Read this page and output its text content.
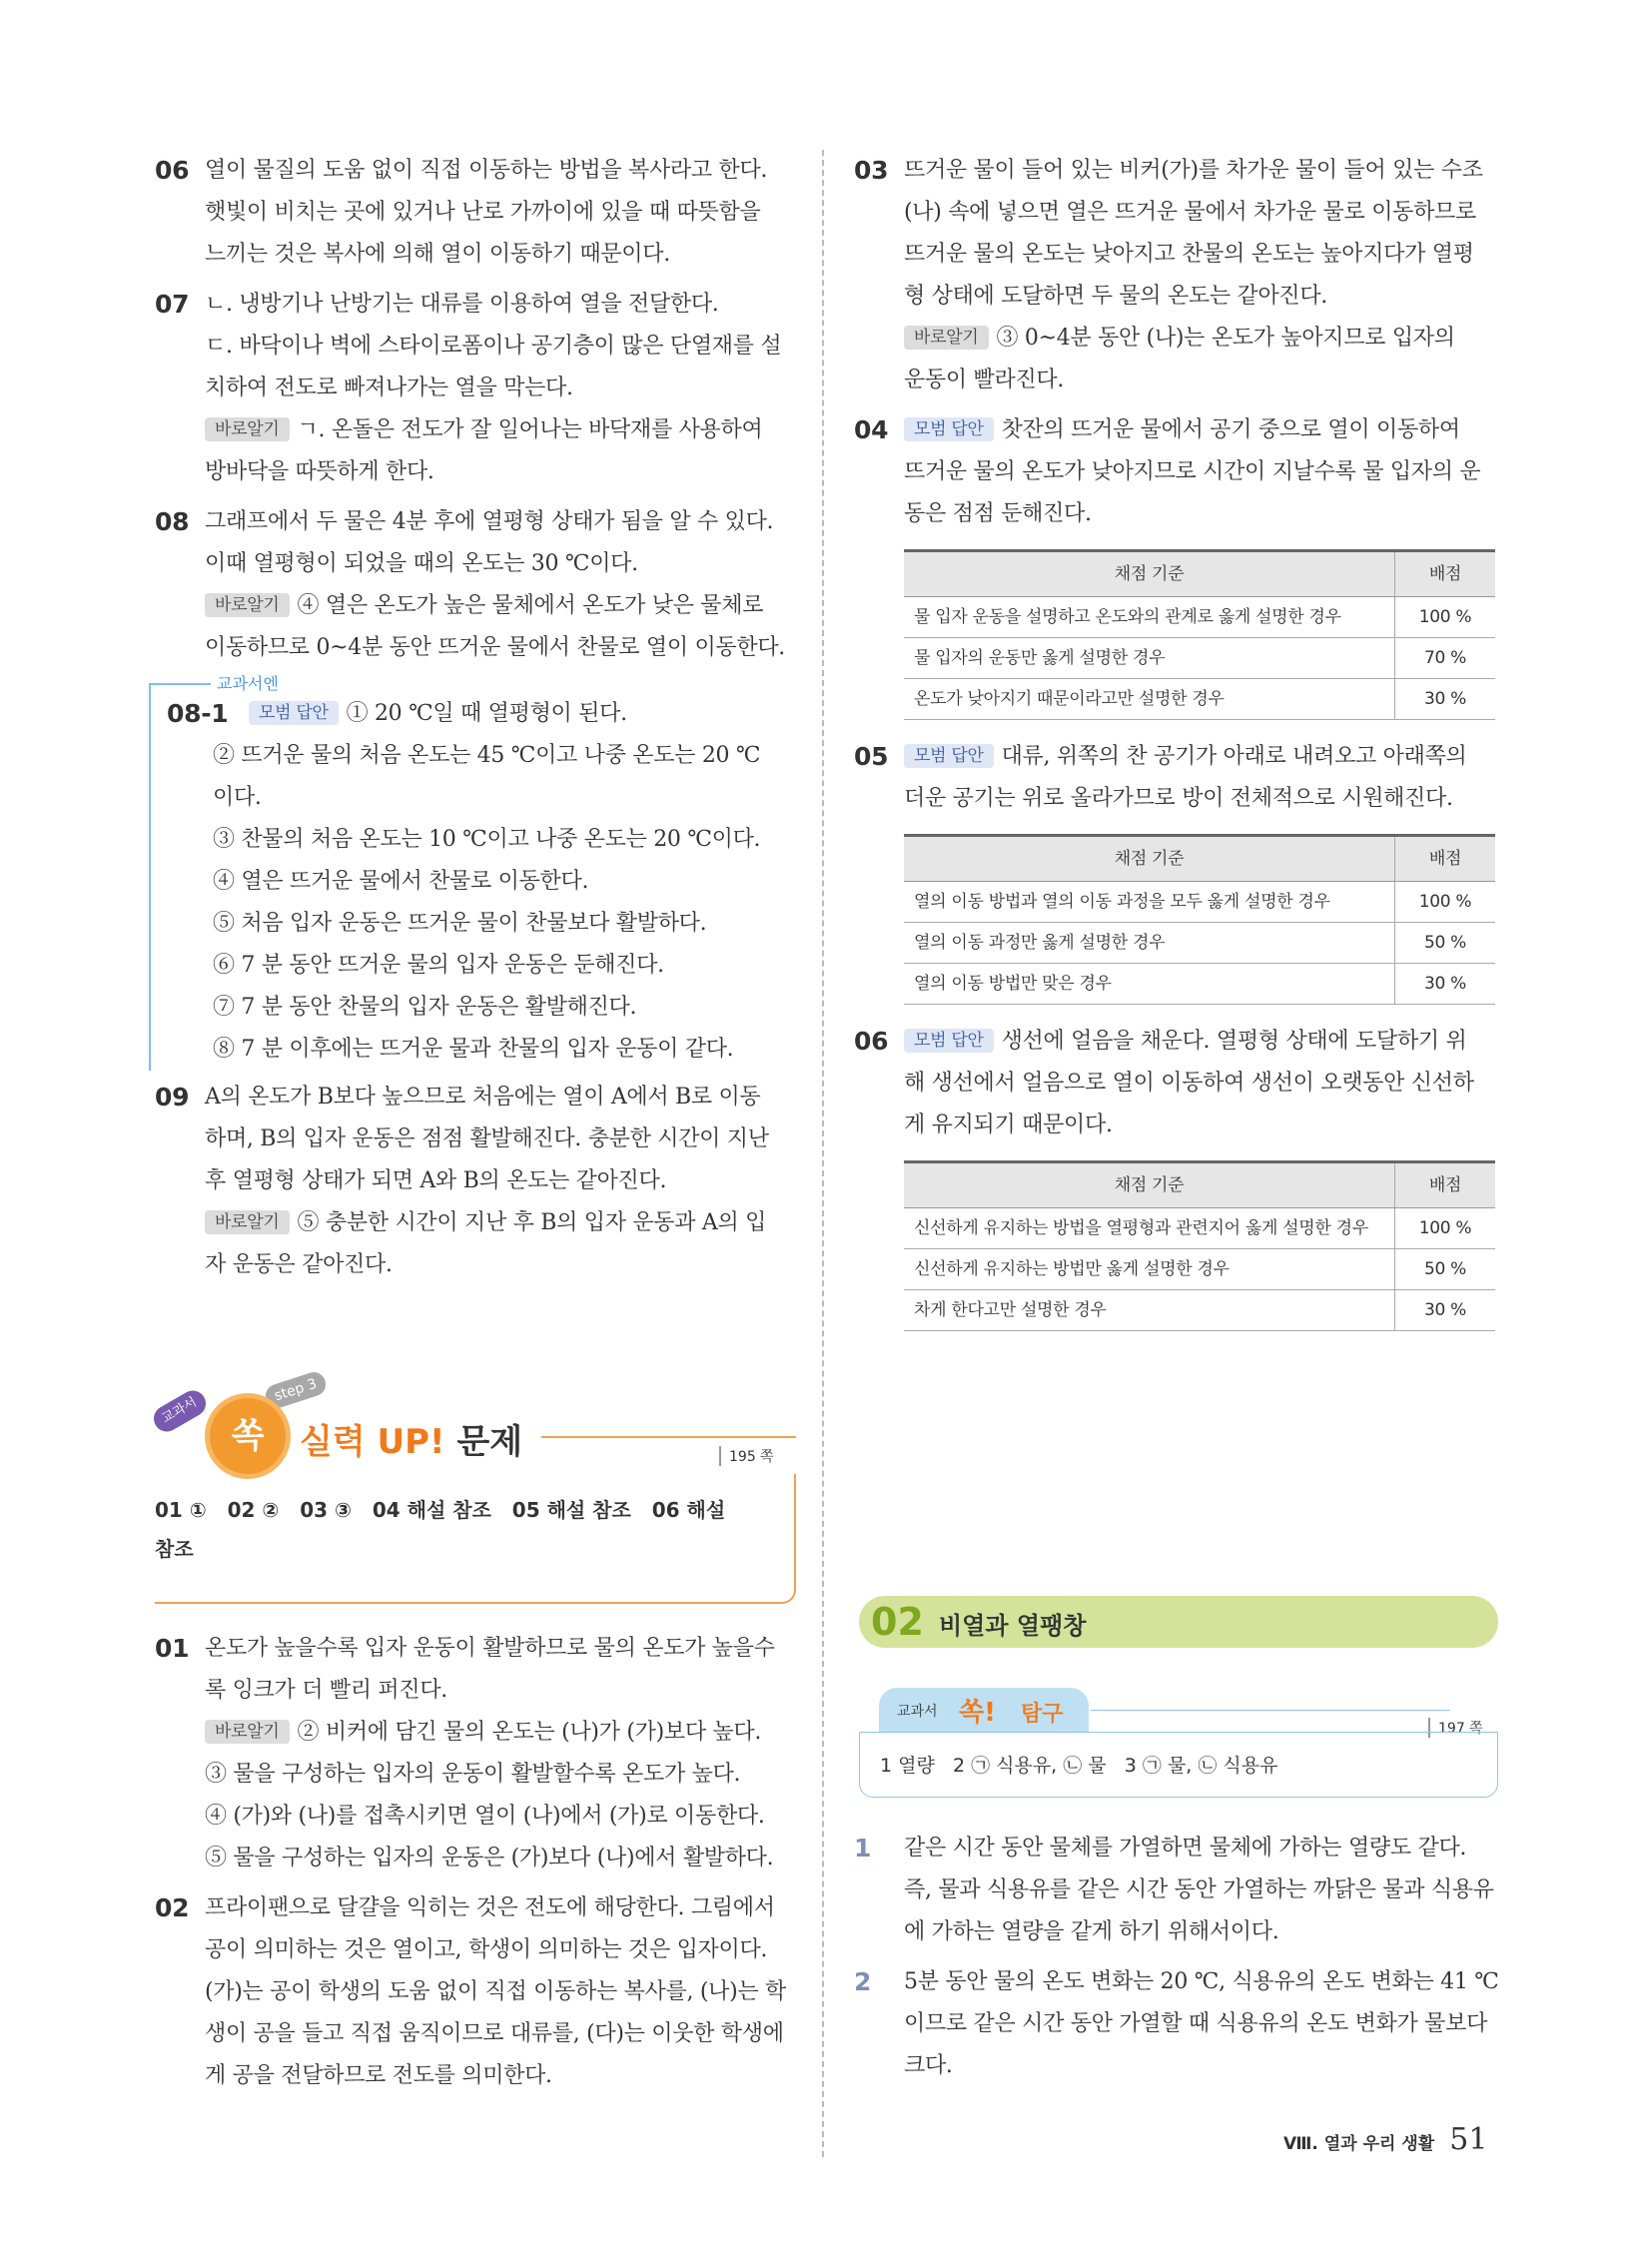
06 열이 물질의 도움 없이 직접 이동하는 방법을 복사라고 한다.

햇빛이 비치는 곳에 있거나 난로 가까이에 있을 때 따뜻함을

느끼는 것은 복사에 의해 열이 이동하기 때문이다.

07 ㄴ. 냉방기나 난방기는 대류를 이용하여 열을 전달한다.

ㄷ. 바닥이나 벽에 스타이로폼이나 공기층이 많은 단열재를 설

치하여 전도로 빠져나가는 열을 막는다.

바로알기 ㄱ. 온돌은 전도가 잘 일어나는 바닥재를 사용하여

방바닥을 따뜻하게 한다.

08 그래프에서 두 물은 4분 후에 열평형 상태가 됨을 알 수 있다.

이때 열평형이 되었을 때의 온도는 30 ℃이다.

바로알기 ④ 열은 온도가 높은 물체에서 온도가 낮은 물체로

이동하므로 0~4분 동안 뜨거운 물에서 찬물로 열이 이동한다.

교과서엔
08-1	모범 답안 ① 20 ℃일 때 열평형이 된다.

② 뜨거운 물의 처음 온도는 45 ℃이고 나중 온도는 20 ℃

이다.

③ 찬물의 처음 온도는 10 ℃이고 나중 온도는 20 ℃이다.

④ 열은 뜨거운 물에서 찬물로 이동한다.

⑤ 처음 입자 운동은 뜨거운 물이 찬물보다 활발하다.

⑥ 7 분 동안 뜨거운 물의 입자 운동은 둔해진다.

⑦ 7 분 동안 찬물의 입자 운동은 활발해진다.

⑧ 7 분 이후에는 뜨거운 물과 찬물의 입자 운동이 같다.

09 A의 온도가 B보다 높으므로 처음에는 열이 A에서 B로 이동

하며, B의 입자 운동은 점점 활발해진다. 충분한 시간이 지난

후 열평형 상태가 되면 A와 B의 온도는 같아진다.

바로알기 ⑤ 충분한 시간이 지난 후 B의 입자 운동과 A의 입

자 운동은 같아진다.

교과서
step 3
쏙	실력 UP! 문제	195 쪽
01 ①   02 ②   03 ③   04 해설 참조   05 해설 참조   06 해설
참조
01 온도가 높을수록 입자 운동이 활발하므로 물의 온도가 높을수

록 잉크가 더 빨리 퍼진다.

바로알기 ② 비커에 담긴 물의 온도는 (나)가 (가)보다 높다.

③ 물을 구성하는 입자의 운동이 활발할수록 온도가 높다.

④ (가)와 (나)를 접촉시키면 열이 (나)에서 (가)로 이동한다.

⑤ 물을 구성하는 입자의 운동은 (가)보다 (나)에서 활발하다.

02 프라이팬으로 달걀을 익히는 것은 전도에 해당한다. 그림에서

공이 의미하는 것은 열이고, 학생이 의미하는 것은 입자이다.

(가)는 공이 학생의 도움 없이 직접 이동하는 복사를, (나)는 학

생이 공을 들고 직접 움직이므로 대류를, (다)는 이웃한 학생에

게 공을 전달하므로 전도를 의미한다.

03 뜨거운 물이 들어 있는 비커(가)를 차가운 물이 들어 있는 수조

(나) 속에 넣으면 열은 뜨거운 물에서 차가운 물로 이동하므로

뜨거운 물의 온도는 낮아지고 찬물의 온도는 높아지다가 열평

형 상태에 도달하면 두 물의 온도는 같아진다.

바로알기 ③ 0~4분 동안 (나)는 온도가 높아지므로 입자의

운동이 빨라진다.

04	모범 답안 찻잔의 뜨거운 물에서 공기 중으로 열이 이동하여

뜨거운 물의 온도가 낮아지므로 시간이 지날수록 물 입자의 운

동은 점점 둔해진다.

채점 기준	배점
물 입자 운동을 설명하고 온도와의 관계로 옳게 설명한 경우	100 %
물 입자의 운동만 옳게 설명한 경우	70 %
온도가 낮아지기 때문이라고만 설명한 경우	30 %
05	모범 답안 대류, 위쪽의 찬 공기가 아래로 내려오고 아래쪽의

더운 공기는 위로 올라가므로 방이 전체적으로 시원해진다.

채점 기준	배점
열의 이동 방법과 열의 이동 과정을 모두 옳게 설명한 경우	100 %
열의 이동 과정만 옳게 설명한 경우	50 %
열의 이동 방법만 맞은 경우	30 %
06	모범 답안 생선에 얼음을 채운다. 열평형 상태에 도달하기 위

해 생선에서 얼음으로 열이 이동하여 생선이 오랫동안 신선하

게 유지되기 때문이다.

채점 기준	배점
신선하게 유지하는 방법을 열평형과 관련지어 옳게 설명한 경우	100 %
신선하게 유지하는 방법만 옳게 설명한 경우	50 %
차게 한다고만 설명한 경우	30 %
02 비열과 열팽창
교과서 쏙! 탐구
197 쪽
1 열량   2 ㉠ 식용유, ㉡ 물   3 ㉠ 물, ㉡ 식용유
1 같은 시간 동안 물체를 가열하면 물체에 가하는 열량도 같다.

즉, 물과 식용유를 같은 시간 동안 가열하는 까닭은 물과 식용유

에 가하는 열량을 같게 하기 위해서이다.

2 5분 동안 물의 온도 변화는 20 ℃, 식용유의 온도 변화는 41 ℃

이므로 같은 시간 동안 가열할 때 식용유의 온도 변화가 물보다

크다.

Ⅷ. 열과 우리 생활 51
